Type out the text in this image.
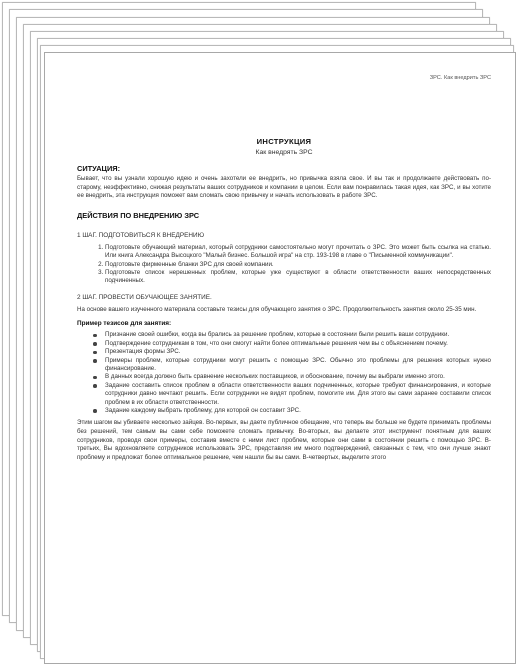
ЗРС. Как внедрить ЗРС
ИНСТРУКЦИЯ
Как внедрять ЗРС
СИТУАЦИЯ:
Бывает, что вы узнали хорошую идею и очень захотели ее внедрить, но привычка взяла свое. И вы так и продолжаете действовать по-старому, неэффективно, снижая результаты ваших сотрудников и компании в целом. Если вам понравилась такая идея, как ЗРС, и вы хотите ее внедрить, эта инструкция поможет вам сломать свою привычку и начать использовать в работе ЗРС.
ДЕЙСТВИЯ ПО ВНЕДРЕНИЮ ЗРС
1 ШАГ. ПОДГОТОВИТЬСЯ К ВНЕДРЕНИЮ
1. Подготовьте обучающий материал, который сотрудники самостоятельно могут прочитать о ЗРС. Это может быть ссылка на статью. Или книга Александра Высоцкого "Малый бизнес. Большой игра" на стр. 193-198 в главе о "Письменной коммуникации".
2. Подготовьте фирменные бланки ЗРС для своей компании.
3. Подготовьте список нерешенных проблем, которые уже существуют в области ответственности ваших непосредственных подчиненных.
2 ШАГ. ПРОВЕСТИ ОБУЧАЮЩЕЕ ЗАНЯТИЕ.
На основе вашего изученного материала составьте тезисы для обучающего занятия о ЗРС. Продолжительность занятия около 25-35 мин.
Пример тезисов для занятия:
Признание своей ошибки, когда вы брались за решение проблем, которые в состоянии были решить ваши сотрудники.
Подтверждение сотрудникам в том, что они смогут найти более оптимальные решения чем вы с объяснением почему.
Презентация формы ЗРС.
Примеры проблем, которые сотрудники могут решить с помощью ЗРС. Обычно это проблемы для решения которых нужно финансирование.
В данных всегда должно быть сравнение нескольких поставщиков, и обоснование, почему вы выбрали именно этого.
Задание составить список проблем в области ответственности ваших подчиненных, которые требуют финансирования, и которые сотрудники давно мечтают решить. Если сотрудники не видят проблем, помогите им. Для этого вы сами заранее составили список проблем в их области ответственности.
Задание каждому выбрать проблему, для которой он составит ЗРС.
Этим шагом вы убиваете несколько зайцев. Во-первых, вы даете публичное обещание, что теперь вы больше не будете принимать проблемы без решений, тем самым вы сами себе поможете сломать привычку. Во-вторых, вы делаете этот инструмент понятным для ваших сотрудников, проводя свои примеры, составив вместе с ними лист проблем, которые они сами в состоянии решить с помощью ЗРС. В-третьих, Вы вдохновляете сотрудников использовать ЗРС, представляя им много подтверждений, связанных с тем, что они лучше знают проблему и предложат более оптимальное решение, чем нашли бы вы сами. В-четвертых, выделите этого
